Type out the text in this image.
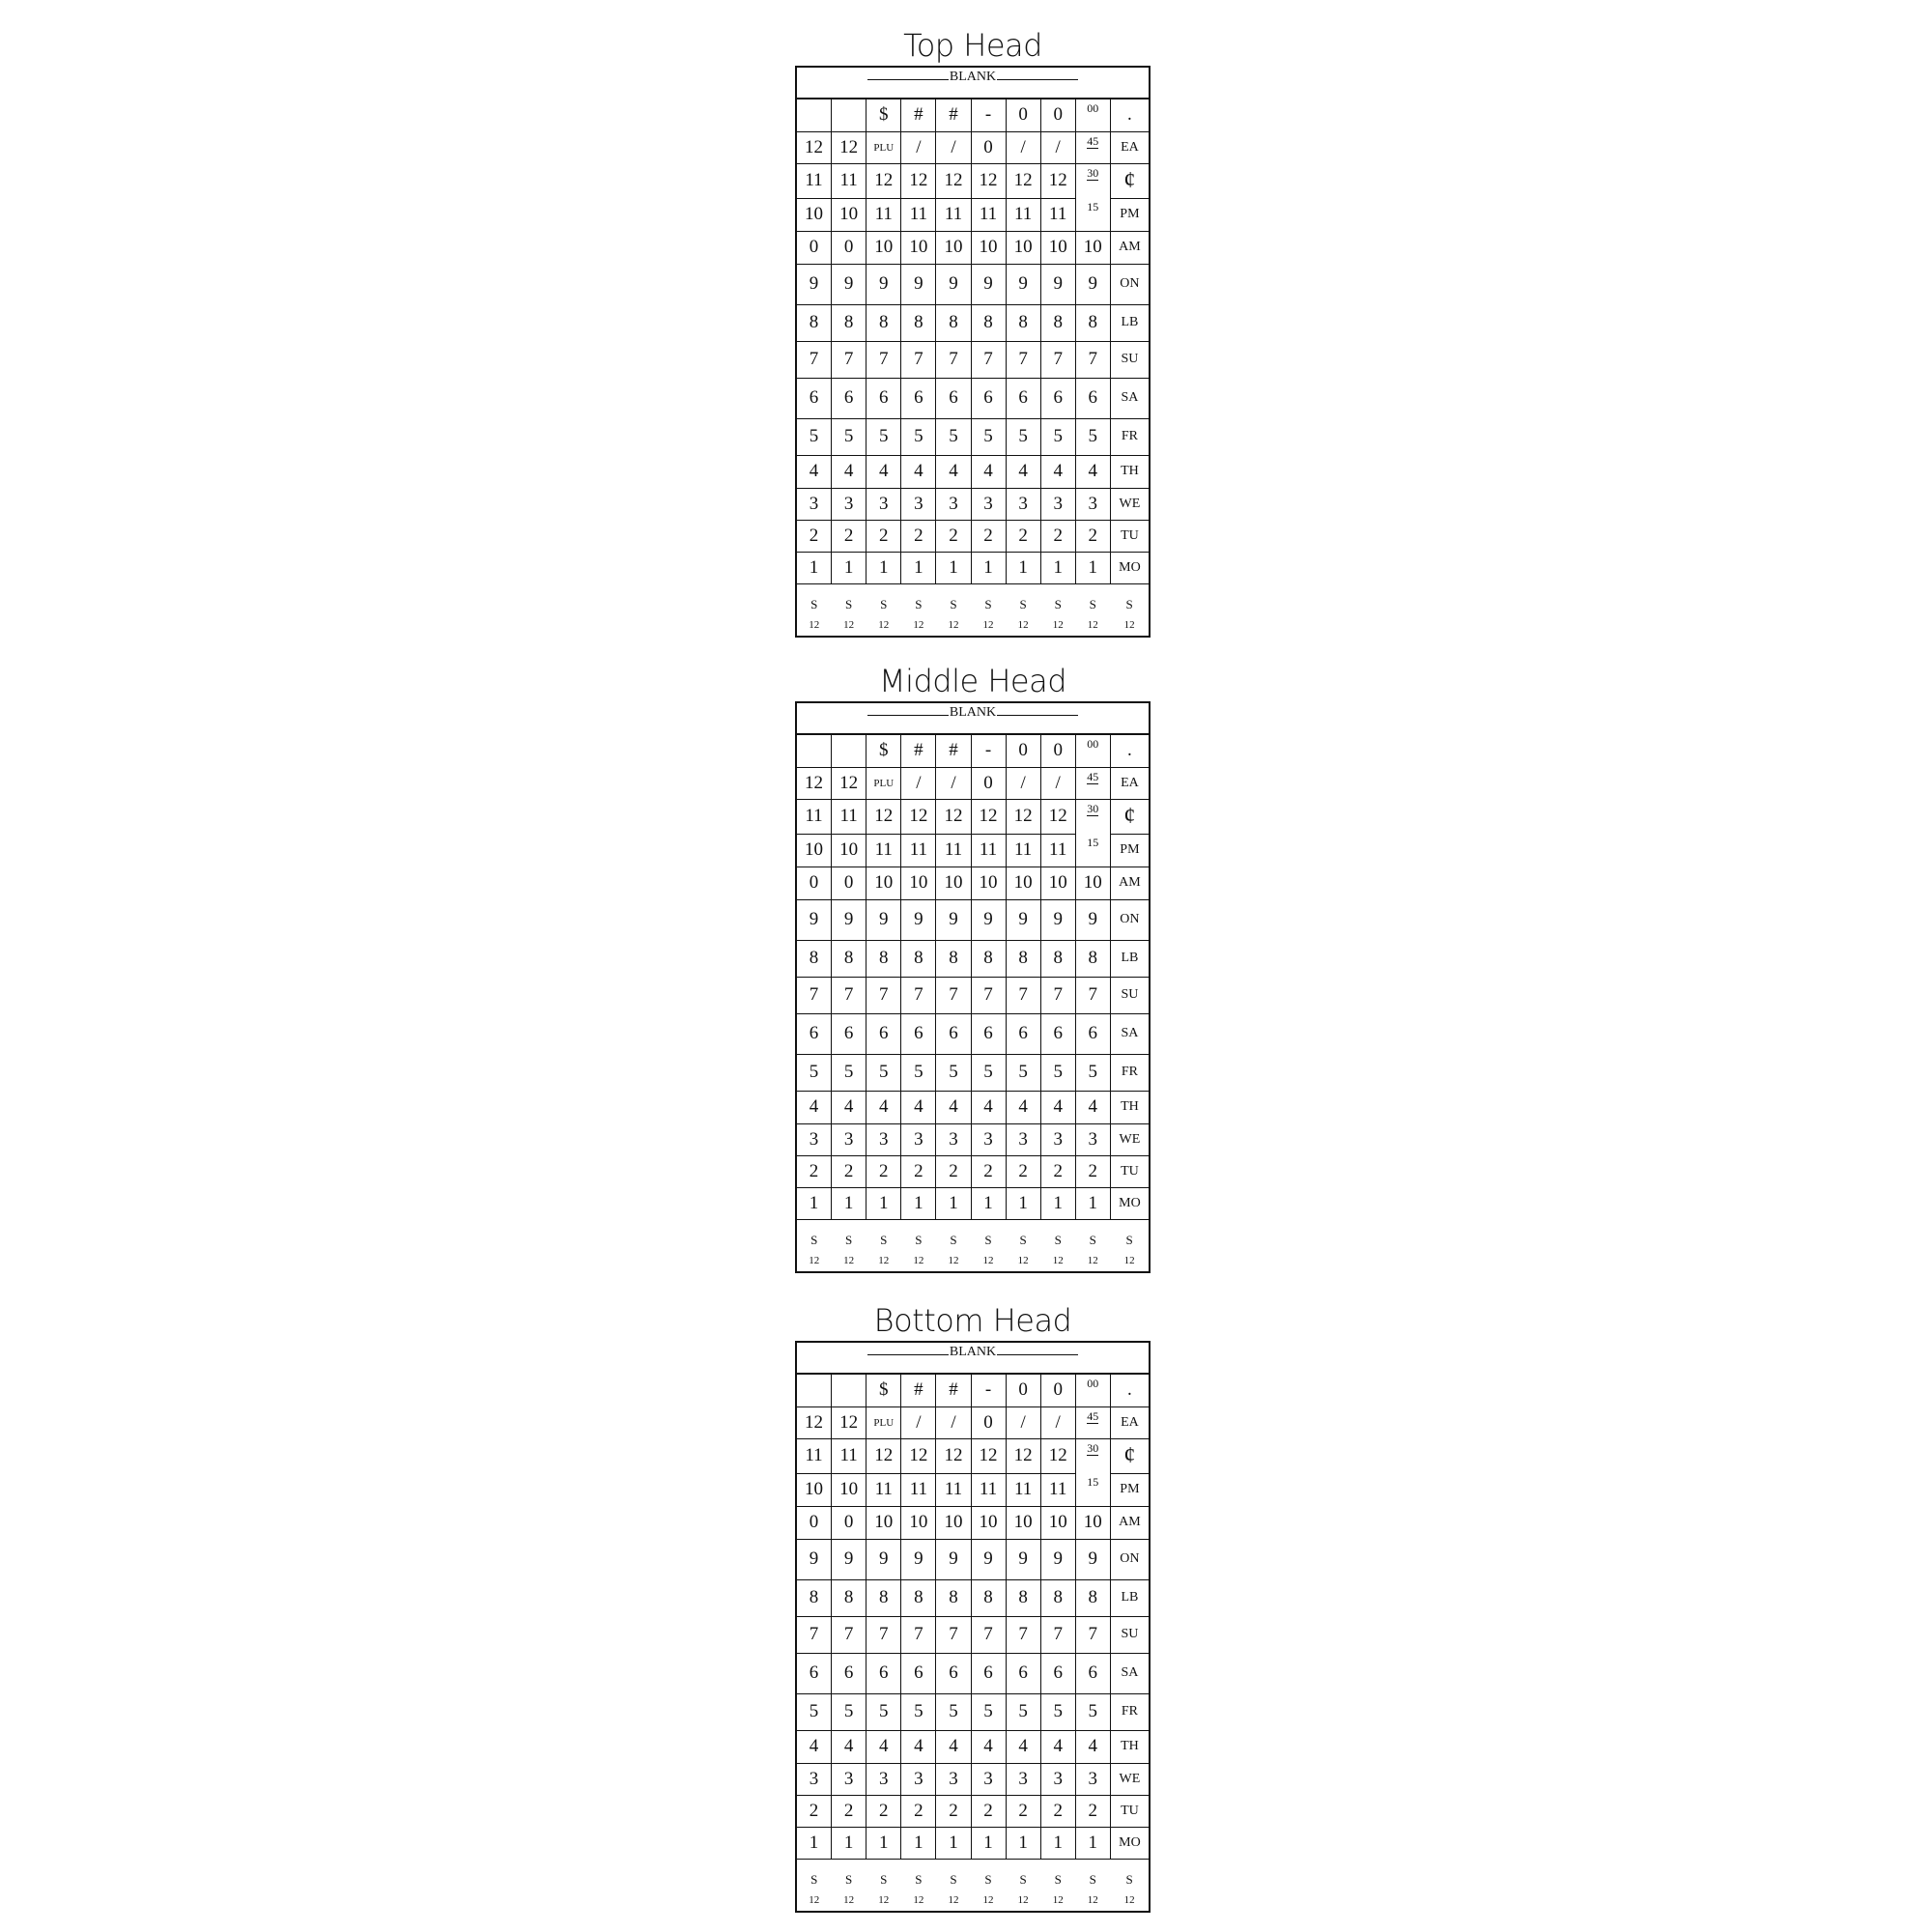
Top Head
BLANK
		$	#	#	-	0	0	00	.
12	12	PLU	/	/	0	/	/	45	EA
11	11	12	12	12	12	12	12	30	¢
10	10	11	11	11	11	11	11	15	PM
0	0	10	10	10	10	10	10	10	AM
9	9	9	9	9	9	9	9	9	ON
8	8	8	8	8	8	8	8	8	LB
7	7	7	7	7	7	7	7	7	SU
6	6	6	6	6	6	6	6	6	SA
5	5	5	5	5	5	5	5	5	FR
4	4	4	4	4	4	4	4	4	TH
3	3	3	3	3	3	3	3	3	WE
2	2	2	2	2	2	2	2	2	TU
1	1	1	1	1	1	1	1	1	MO
S	S	S	S	S	S	S	S	S	S
12	12	12	12	12	12	12	12	12	12
Middle Head
BLANK
		$	#	#	-	0	0	00	.
12	12	PLU	/	/	0	/	/	45	EA
11	11	12	12	12	12	12	12	30	¢
10	10	11	11	11	11	11	11	15	PM
0	0	10	10	10	10	10	10	10	AM
9	9	9	9	9	9	9	9	9	ON
8	8	8	8	8	8	8	8	8	LB
7	7	7	7	7	7	7	7	7	SU
6	6	6	6	6	6	6	6	6	SA
5	5	5	5	5	5	5	5	5	FR
4	4	4	4	4	4	4	4	4	TH
3	3	3	3	3	3	3	3	3	WE
2	2	2	2	2	2	2	2	2	TU
1	1	1	1	1	1	1	1	1	MO
S	S	S	S	S	S	S	S	S	S
12	12	12	12	12	12	12	12	12	12
Bottom Head
BLANK
		$	#	#	-	0	0	00	.
12	12	PLU	/	/	0	/	/	45	EA
11	11	12	12	12	12	12	12	30	¢
10	10	11	11	11	11	11	11	15	PM
0	0	10	10	10	10	10	10	10	AM
9	9	9	9	9	9	9	9	9	ON
8	8	8	8	8	8	8	8	8	LB
7	7	7	7	7	7	7	7	7	SU
6	6	6	6	6	6	6	6	6	SA
5	5	5	5	5	5	5	5	5	FR
4	4	4	4	4	4	4	4	4	TH
3	3	3	3	3	3	3	3	3	WE
2	2	2	2	2	2	2	2	2	TU
1	1	1	1	1	1	1	1	1	MO
S	S	S	S	S	S	S	S	S	S
12	12	12	12	12	12	12	12	12	12
